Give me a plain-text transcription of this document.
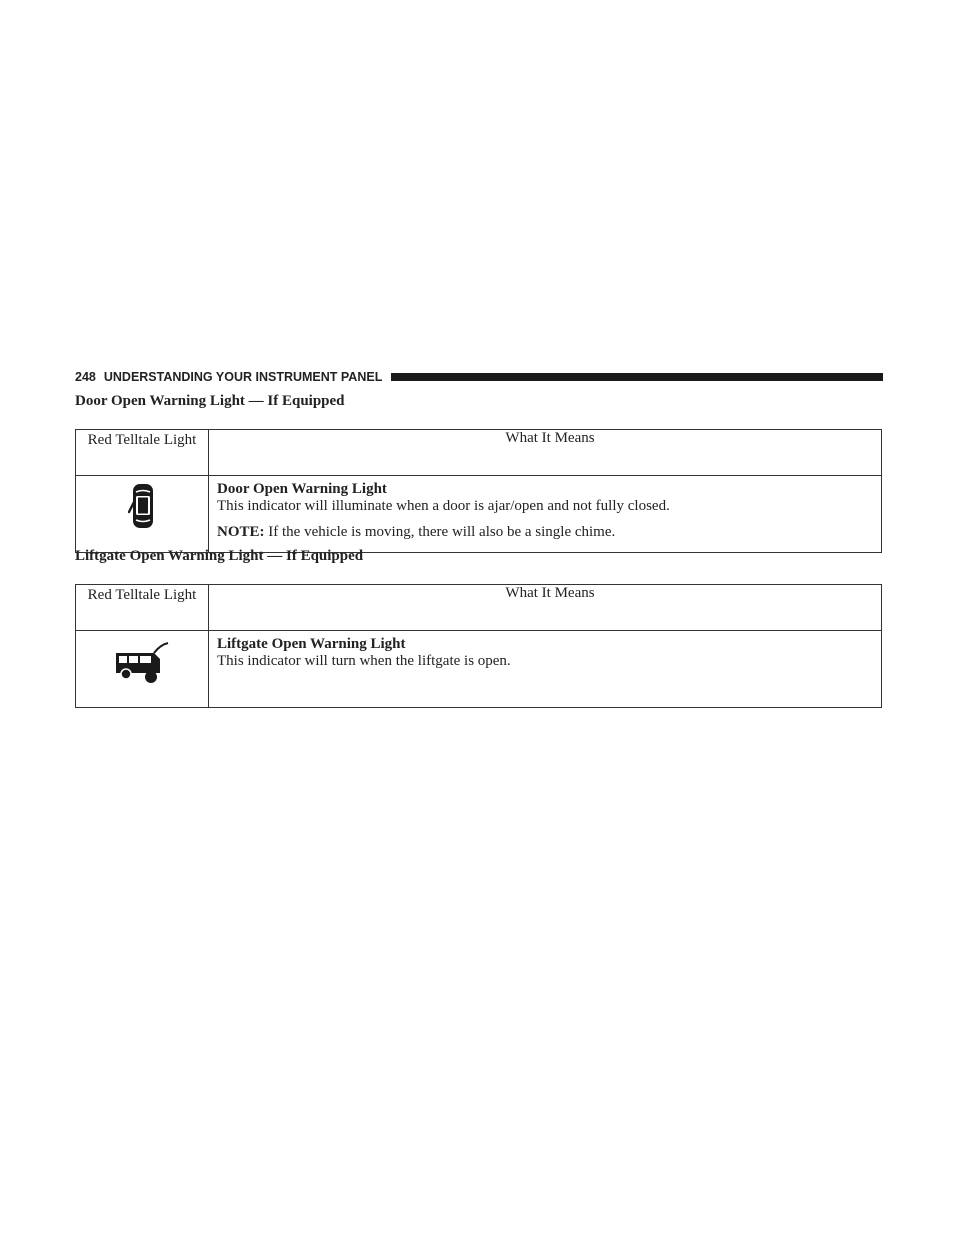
248 UNDERSTANDING YOUR INSTRUMENT PANEL
Door Open Warning Light — If Equipped
Red Telltale Light	What It Means

Door Open Warning Light
This indicator will illuminate when a door is ajar/open and not fully closed.
NOTE: If the vehicle is moving, there will also be a single chime.
Liftgate Open Warning Light — If Equipped
Red Telltale Light	What It Means

Liftgate Open Warning Light
This indicator will turn when the liftgate is open.
